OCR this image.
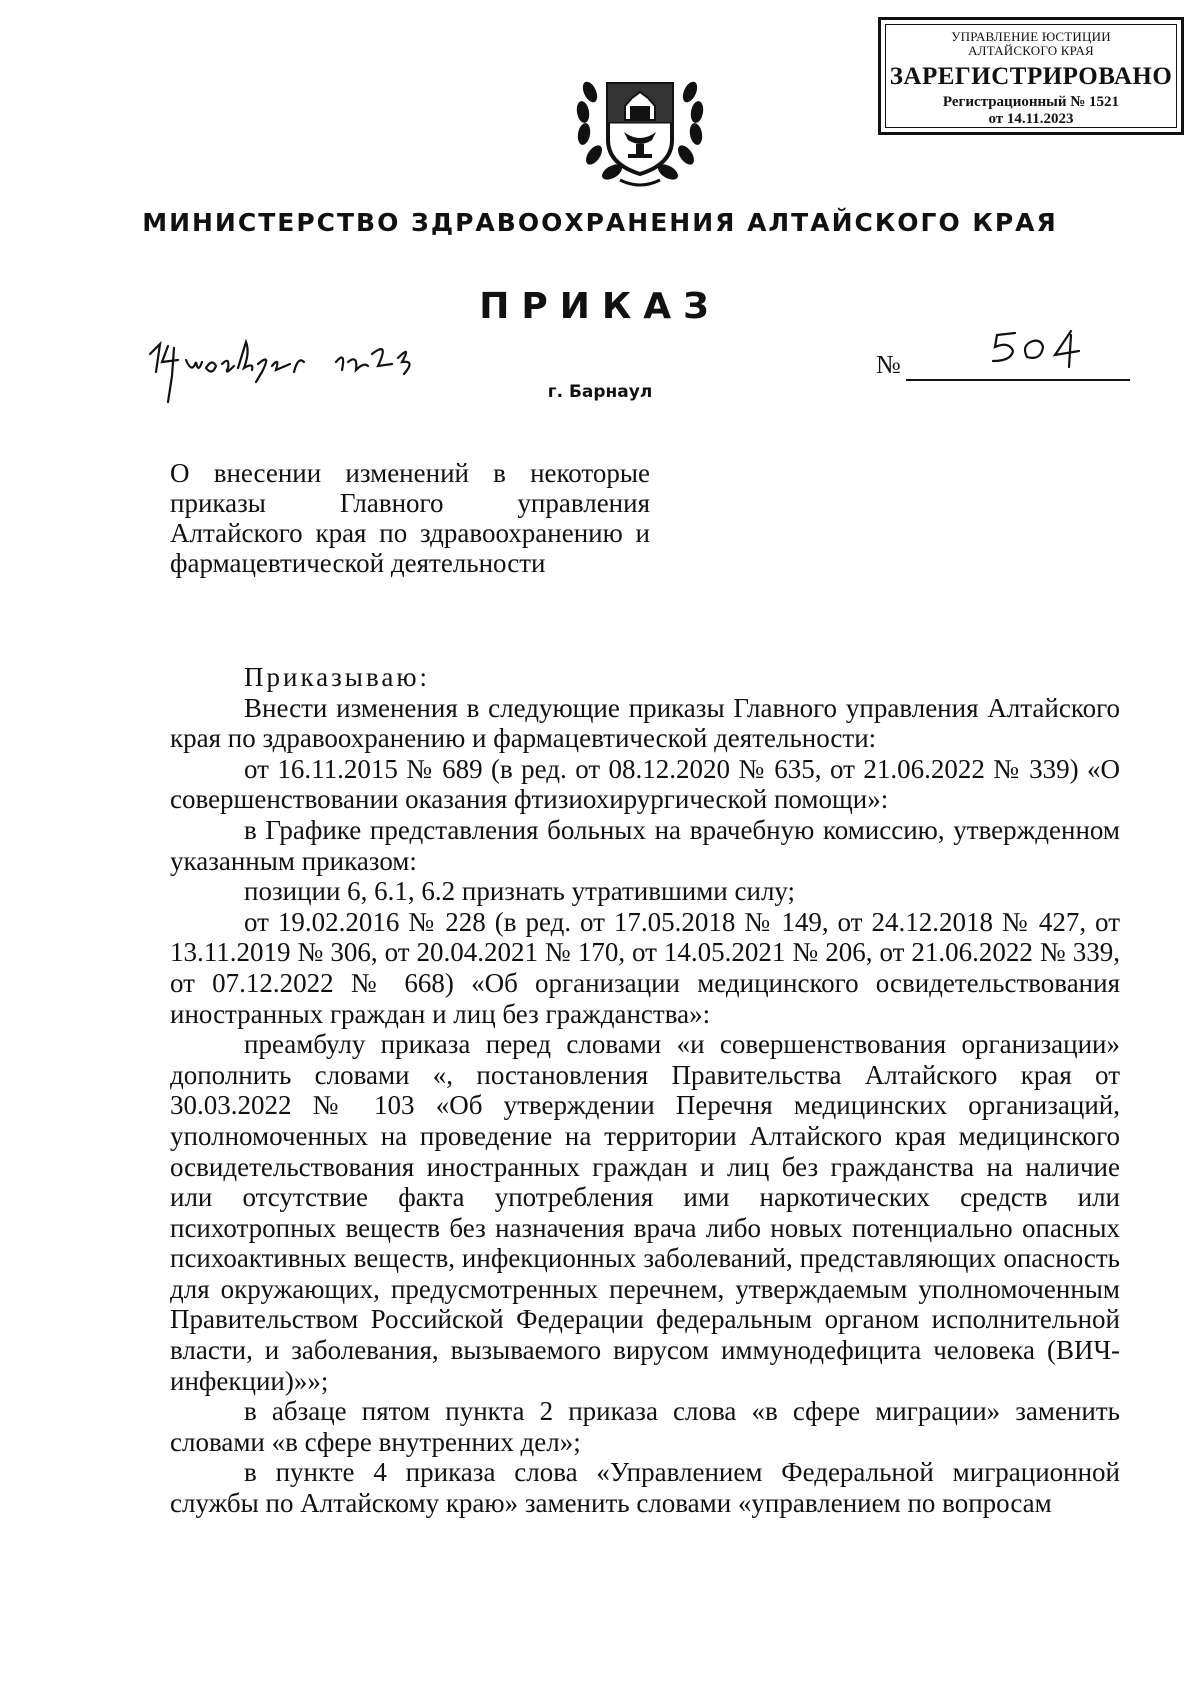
УПРАВЛЕНИЕ ЮСТИЦИИ
АЛТАЙСКОГО КРАЯ
ЗАРЕГИСТРИРОВАНО
Регистрационный № 1521
от 14.11.2023
МИНИСТЕРСТВО ЗДРАВООХРАНЕНИЯ АЛТАЙСКОГО КРАЯ
ПРИКАЗ
№
г. Барнаул
О внесении изменений в некоторые приказы Главного управления Алтайского края по здравоохранению и фармацевтической деятельности

Приказываю:

Внести изменения в следующие приказы Главного управления Алтайского края по здравоохранению и фармацевтической деятельности:

от 16.11.2015 № 689 (в ред. от 08.12.2020 № 635, от 21.06.2022 № 339) «О совершенствовании оказания фтизиохирургической помощи»:

в Графике представления больных на врачебную комиссию, утвержденном указанным приказом:

позиции 6, 6.1, 6.2 признать утратившими силу;

от 19.02.2016 № 228 (в ред. от 17.05.2018 № 149, от 24.12.2018 № 427, от 13.11.2019 № 306, от 20.04.2021 № 170, от 14.05.2021 № 206, от 21.06.2022 № 339, от 07.12.2022 № 668) «Об организации медицинского освидетельствования иностранных граждан и лиц без гражданства»:

преамбулу приказа перед словами «и совершенствования организации» дополнить словами «, постановления Правительства Алтайского края от 30.03.2022 № 103 «Об утверждении Перечня медицинских организаций, уполномоченных на проведение на территории Алтайского края медицинского освидетельствования иностранных граждан и лиц без гражданства на наличие или отсутствие факта употребления ими наркотических средств или психотропных веществ без назначения врача либо новых потенциально опасных психоактивных веществ, инфекционных заболеваний, представляющих опасность для окружающих, предусмотренных перечнем, утверждаемым уполномоченным Правительством Российской Федерации федеральным органом исполнительной власти, и заболевания, вызываемого вирусом иммунодефицита человека (ВИЧ-инфекции)»»;

в абзаце пятом пункта 2 приказа слова «в сфере миграции» заменить словами «в сфере внутренних дел»;

в пункте 4 приказа слова «Управлением Федеральной миграционной службы по Алтайскому краю» заменить словами «управлением по вопросам
